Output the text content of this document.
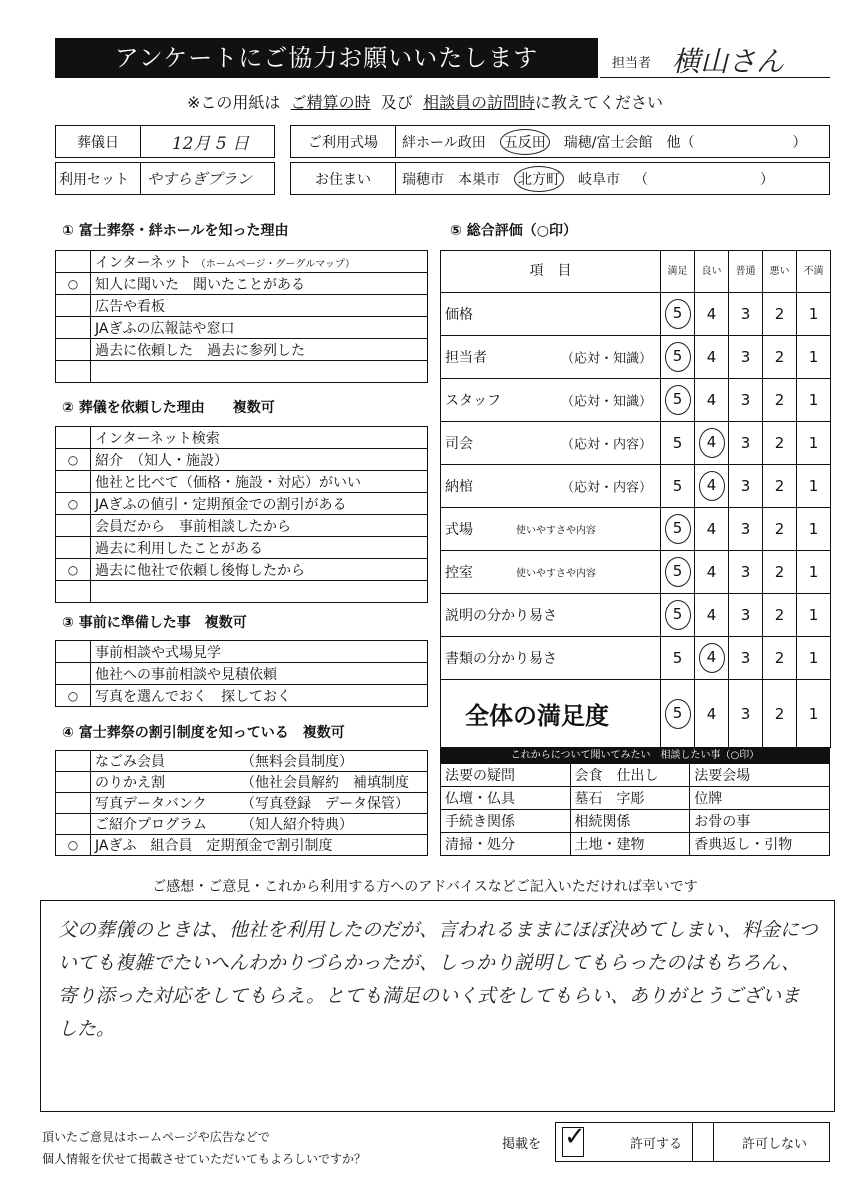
アンケートにご協力お願いいたします	担当者 横山さん
※この用紙は ご精算の時 及び 相談員の訪問時に教えてください
葬儀日	12月 5 日
利用セット	やすらぎプラン
ご利用式場	絆ホール政田 五反田 瑞穂/富士会館 他（　　　　　　　）
お住まい	瑞穂市 本巣市 北方町 岐阜市 （　　　　　　　　）
① 富士葬祭・絆ホールを知った理由
	インターネット （ホームページ・グーグルマップ）
○	知人に聞いた　聞いたことがある
	広告や看板
	JAぎふの広報誌や窓口
	過去に依頼した　過去に参列した

② 葬儀を依頼した理由　　複数可
	インターネット検索
○	紹介　（知人・施設）
	他社と比べて（価格・施設・対応）がいい
○	JAぎふの値引・定期預金での割引がある
	会員だから　事前相談したから
	過去に利用したことがある
○	過去に他社で依頼し後悔したから

③ 事前に準備した事　複数可
	事前相談や式場見学
	他社への事前相談や見積依頼
○	写真を選んでおく　探しておく
④ 富士葬祭の割引制度を知っている　複数可
	なごみ会員 （無料会員制度）

	のりかえ割 （他社会員解約　補填制度

	写真データバンク （写真登録　データ保管）

	ご紹介プログラム （知人紹介特典）

○	JAぎふ　組合員　定期預金で割引制度
⑤ 総合評価（○印）
項　目	満足	良い	普通	悪い	不満
価格	5	4	3	2	1
担当者 （応対・知識）	5	4	3	2	1
スタッフ （応対・知識）	5	4	3	2	1
司会 （応対・内容）	5	4	3	2	1
納棺 （応対・内容）	5	4	3	2	1
式場 使いやすさや内容	5	4	3	2	1
控室 使いやすさや内容	5	4	3	2	1
説明の分かり易さ	5	4	3	2	1
書類の分かり易さ	5	4	3	2	1
全体の満足度	5	4	3	2	1
これからについて聞いてみたい　相談したい事（○印）
法要の疑問	会食　仕出し	法要会場
仏壇・仏具	墓石　字彫	位牌
手続き関係	相続関係	お骨の事
清掃・処分	土地・建物	香典返し・引物
ご感想・ご意見・これから利用する方へのアドバイスなどご記入いただければ幸いです
父の葬儀のときは、他社を利用したのだが、言われるままにほぼ決めてしまい、料金についても複雑でたいへんわかりづらかったが、しっかり説明してもらったのはもちろん、寄り添った対応をしてもらえ。とても満足のいく式をしてもらい、ありがとうございました。
頂いたご意見はホームページや広告などで
個人情報を伏せて掲載させていただいてもよろしいですか？
掲載を ✓	許可する	許可しない
